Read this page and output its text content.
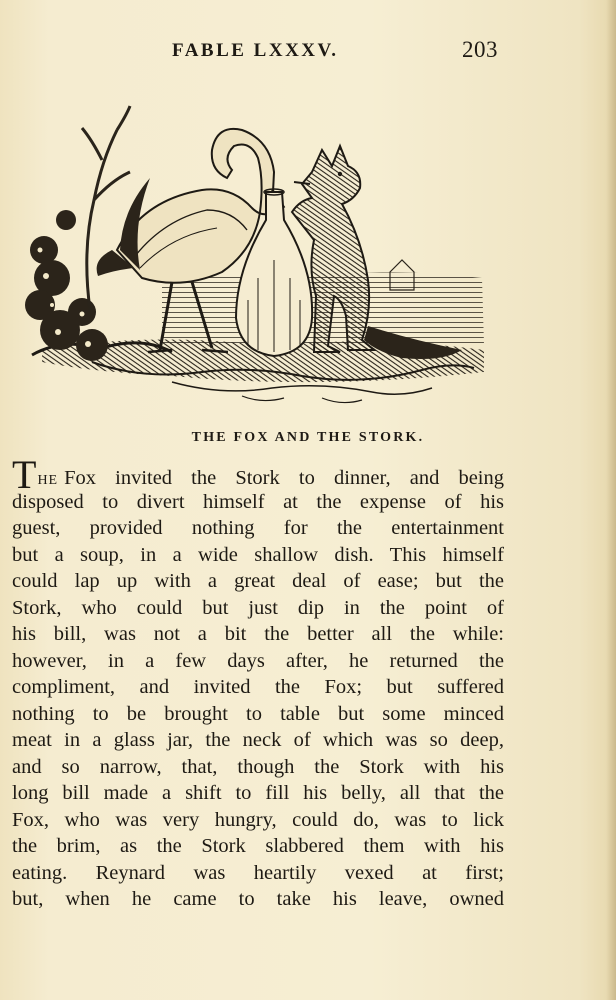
FABLE LXXXV.	203
THE FOX AND THE STORK.
THE Fox invited the Stork to dinner, and being
disposed to divert himself at the expense of his
guest, provided nothing for the entertainment
but a soup, in a wide shallow dish. This himself
could lap up with a great deal of ease; but the
Stork, who could but just dip in the point of
his bill, was not a bit the better all the while:
however, in a few days after, he returned the
compliment, and invited the Fox; but suffered
nothing to be brought to table but some minced
meat in a glass jar, the neck of which was so deep,
and so narrow, that, though the Stork with his
long bill made a shift to fill his belly, all that the
Fox, who was very hungry, could do, was to lick
the brim, as the Stork slabbered them with his
eating. Reynard was heartily vexed at first;
but, when he came to take his leave, owned
